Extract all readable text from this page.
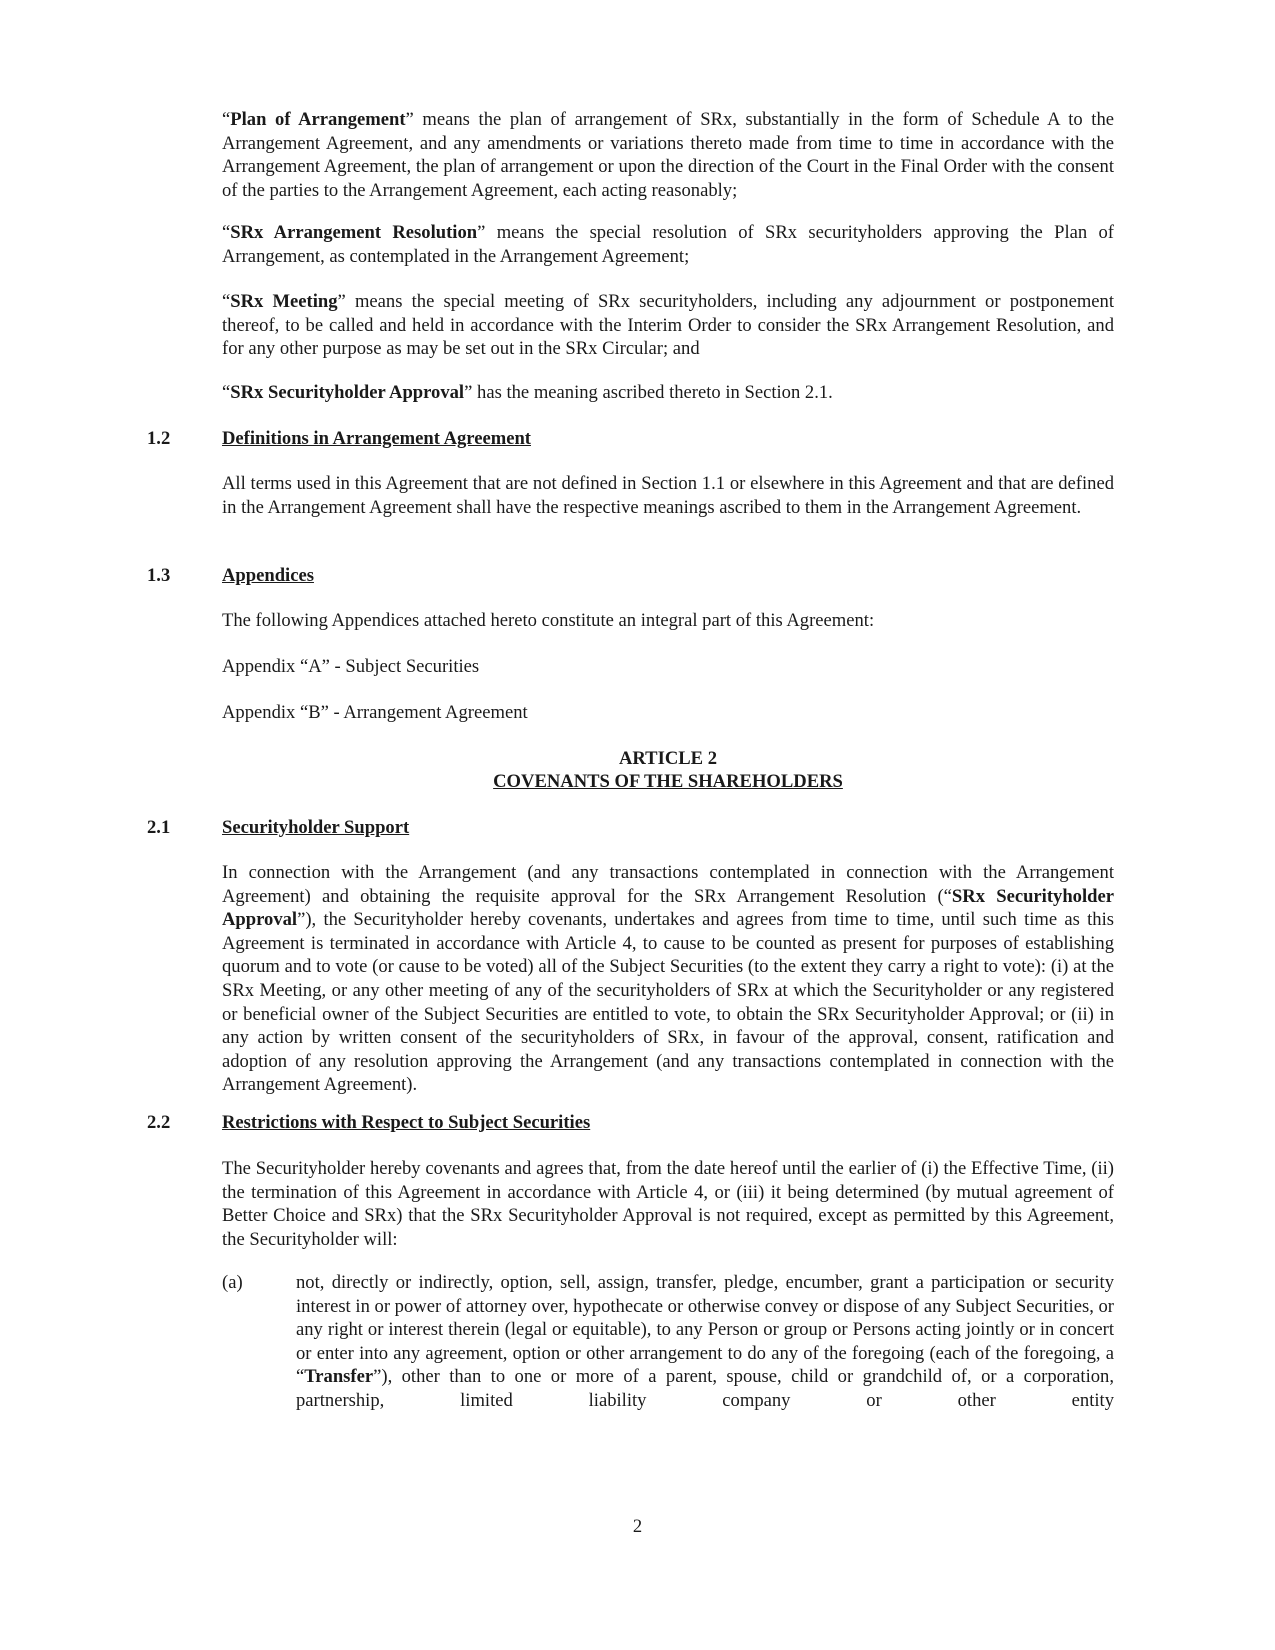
“Plan of Arrangement” means the plan of arrangement of SRx, substantially in the form of Schedule A to the Arrangement Agreement, and any amendments or variations thereto made from time to time in accordance with the Arrangement Agreement, the plan of arrangement or upon the direction of the Court in the Final Order with the consent of the parties to the Arrangement Agreement, each acting reasonably;

“SRx Arrangement Resolution” means the special resolution of SRx securityholders approving the Plan of Arrangement, as contemplated in the Arrangement Agreement;

“SRx Meeting” means the special meeting of SRx securityholders, including any adjournment or postponement thereof, to be called and held in accordance with the Interim Order to consider the SRx Arrangement Resolution, and for any other purpose as may be set out in the SRx Circular; and

“SRx Securityholder Approval” has the meaning ascribed thereto in Section 2.1.

1.2	Definitions in Arrangement Agreement

All terms used in this Agreement that are not defined in Section 1.1 or elsewhere in this Agreement and that are defined in the Arrangement Agreement shall have the respective meanings ascribed to them in the Arrangement Agreement.

1.3	Appendices

The following Appendices attached hereto constitute an integral part of this Agreement:

Appendix “A” - Subject Securities

Appendix “B” - Arrangement Agreement

ARTICLE 2
COVENANTS OF THE SHAREHOLDERS
2.1	Securityholder Support

In connection with the Arrangement (and any transactions contemplated in connection with the Arrangement Agreement) and obtaining the requisite approval for the SRx Arrangement Resolution (“SRx Securityholder Approval”), the Securityholder hereby covenants, undertakes and agrees from time to time, until such time as this Agreement is terminated in accordance with Article 4, to cause to be counted as present for purposes of establishing quorum and to vote (or cause to be voted) all of the Subject Securities (to the extent they carry a right to vote): (i) at the SRx Meeting, or any other meeting of any of the securityholders of SRx at which the Securityholder or any registered or beneficial owner of the Subject Securities are entitled to vote, to obtain the SRx Securityholder Approval; or (ii) in any action by written consent of the securityholders of SRx, in favour of the approval, consent, ratification and adoption of any resolution approving the Arrangement (and any transactions contemplated in connection with the Arrangement Agreement).

2.2	Restrictions with Respect to Subject Securities

The Securityholder hereby covenants and agrees that, from the date hereof until the earlier of (i) the Effective Time, (ii) the termination of this Agreement in accordance with Article 4, or (iii) it being determined (by mutual agreement of Better Choice and SRx) that the SRx Securityholder Approval is not required, except as permitted by this Agreement, the Securityholder will:

(a)	not, directly or indirectly, option, sell, assign, transfer, pledge, encumber, grant a participation or security interest in or power of attorney over, hypothecate or otherwise convey or dispose of any Subject Securities, or any right or interest therein (legal or equitable), to any Person or group or Persons acting jointly or in concert or enter into any agreement, option or other arrangement to do any of the foregoing (each of the foregoing, a “Transfer”), other than to one or more of a parent, spouse, child or grandchild of, or a corporation, partnership, limited liability company or other entity

2
